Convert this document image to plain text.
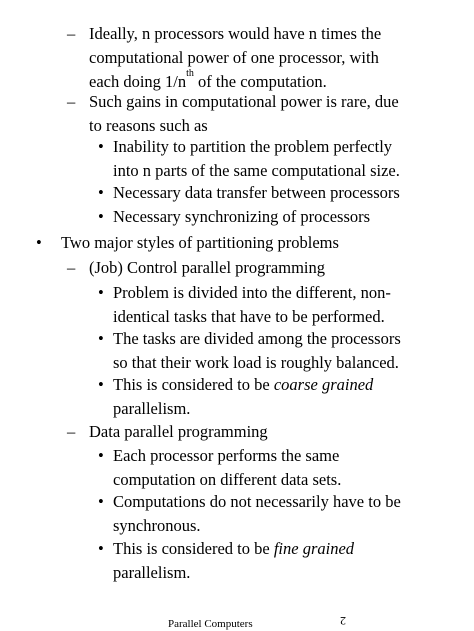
– Ideally, n processors would have n times the
computational power of one processor, with
each doing $1/n^{th}$ of the computation.
– Such gains in computational power is rare, due
to reasons such as
• Inability to partition the problem perfectly
into n parts of the same computational size.
• Necessary data transfer between processors
• Necessary synchronizing of processors
• Two major styles of partitioning problems
– (Job) Control parallel programming
• Problem is divided into the different, non-
identical tasks that have to be performed.
• The tasks are divided among the processors
so that their work load is roughly balanced.
• This is considered to be coarse grained
parallelism.
– Data parallel programming
• Each processor performs the same
computation on different data sets.
• Computations do not necessarily have to be
synchronous.
• This is considered to be fine grained
parallelism.
Parallel Computers	2
